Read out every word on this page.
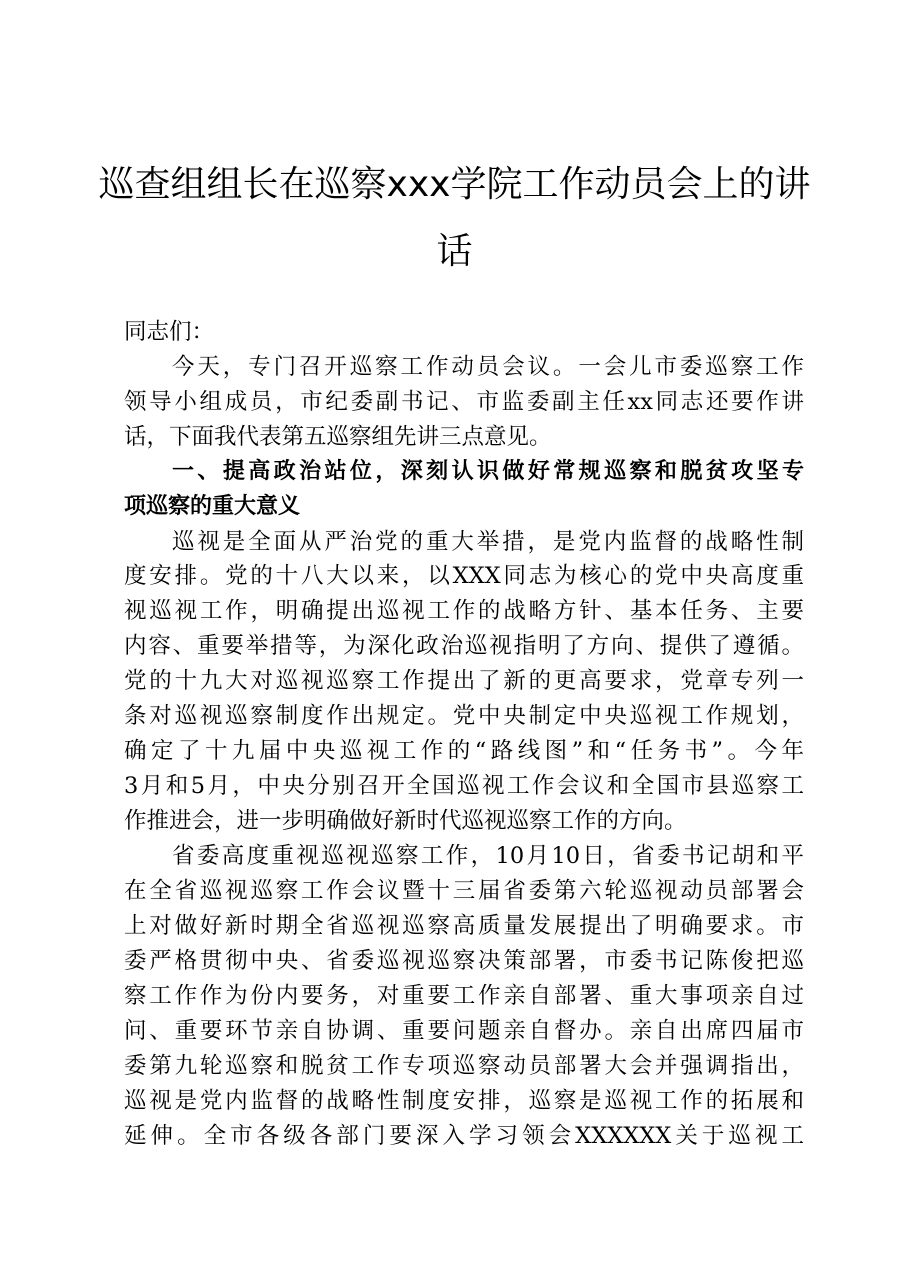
巡查组组长在巡察xxx学院工作动员会上的讲
话
同志们：
今天，专门召开巡察工作动员会议。一会儿市委巡察工作
领导小组成员，市纪委副书记、市监委副主任xx同志还要作讲
话，下面我代表第五巡察组先讲三点意见。
一、提高政治站位，深刻认识做好常规巡察和脱贫攻坚专
项巡察的重大意义
巡视是全面从严治党的重大举措，是党内监督的战略性制
度安排。党的十八大以来，以XXX同志为核心的党中央高度重
视巡视工作，明确提出巡视工作的战略方针、基本任务、主要
内容、重要举措等，为深化政治巡视指明了方向、提供了遵循。
党的十九大对巡视巡察工作提出了新的更高要求，党章专列一
条对巡视巡察制度作出规定。党中央制定中央巡视工作规划，
确定了十九届中央巡视工作的“路线图”和“任务书”。今年
3月和5月，中央分别召开全国巡视工作会议和全国市县巡察工
作推进会，进一步明确做好新时代巡视巡察工作的方向。
省委高度重视巡视巡察工作，10月10日，省委书记胡和平
在全省巡视巡察工作会议暨十三届省委第六轮巡视动员部署会
上对做好新时期全省巡视巡察高质量发展提出了明确要求。市
委严格贯彻中央、省委巡视巡察决策部署，市委书记陈俊把巡
察工作作为份内要务，对重要工作亲自部署、重大事项亲自过
问、重要环节亲自协调、重要问题亲自督办。亲自出席四届市
委第九轮巡察和脱贫工作专项巡察动员部署大会并强调指出，
巡视是党内监督的战略性制度安排，巡察是巡视工作的拓展和
延伸。全市各级各部门要深入学习领会XXXXXX关于巡视工
